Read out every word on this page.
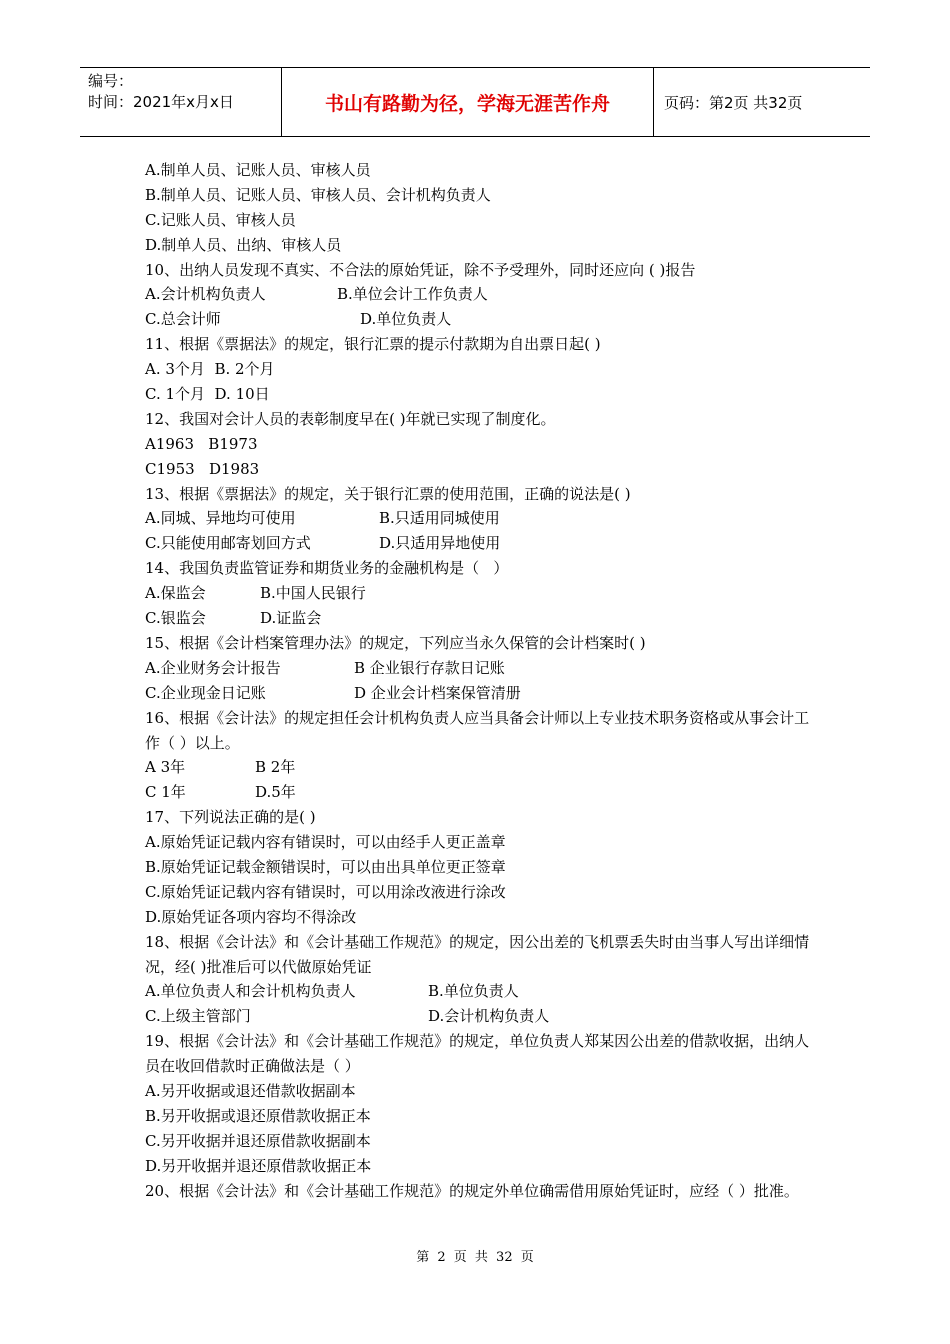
编号：
时间：2021年x月x日	书山有路勤为径，学海无涯苦作舟	页码：第2页 共32页
A.制单人员、记账人员、审核人员
B.制单人员、记账人员、审核人员、会计机构负责人
C.记账人员、审核人员
D.制单人员、出纳、审核人员
10、出纳人员发现不真实、不合法的原始凭证，除不予受理外，同时还应向 ( )报告
A.会计机构负责人	B.单位会计工作负责人
C.总会计师	D.单位负责人
11、根据《票据法》的规定，银行汇票的提示付款期为自出票日起( )
A. 3个月  B. 2个月
C. 1个月  D. 10日
12、我国对会计人员的表彰制度早在( )年就已实现了制度化。
A1963   B1973
C1953   D1983
13、根据《票据法》的规定，关于银行汇票的使用范围，正确的说法是( )
A.同城、异地均可使用	B.只适用同城使用
C.只能使用邮寄划回方式	D.只适用异地使用
14、我国负责监管证券和期货业务的金融机构是（   ）
A.保监会	B.中国人民银行
C.银监会	D.证监会
15、根据《会计档案管理办法》的规定，下列应当永久保管的会计档案时( )
A.企业财务会计报告	B 企业银行存款日记账
C.企业现金日记账	D 企业会计档案保管清册
16、根据《会计法》的规定担任会计机构负责人应当具备会计师以上专业技术职务资格或从事会计工作（ ）以上。
A 3年	B 2年
C 1年	D.5年
17、下列说法正确的是( )
A.原始凭证记载内容有错误时，可以由经手人更正盖章
B.原始凭证记载金额错误时，可以由出具单位更正签章
C.原始凭证记载内容有错误时，可以用涂改液进行涂改
D.原始凭证各项内容均不得涂改
18、根据《会计法》和《会计基础工作规范》的规定，因公出差的飞机票丢失时由当事人写出详细情况，经( )批准后可以代做原始凭证
A.单位负责人和会计机构负责人	B.单位负责人
C.上级主管部门	D.会计机构负责人
19、根据《会计法》和《会计基础工作规范》的规定，单位负责人郑某因公出差的借款收据，出纳人员在收回借款时正确做法是（ ）
A.另开收据或退还借款收据副本
B.另开收据或退还原借款收据正本
C.另开收据并退还原借款收据副本
D.另开收据并退还原借款收据正本
20、根据《会计法》和《会计基础工作规范》的规定外单位确需借用原始凭证时，应经（ ）批准。
第 2 页 共 32 页
